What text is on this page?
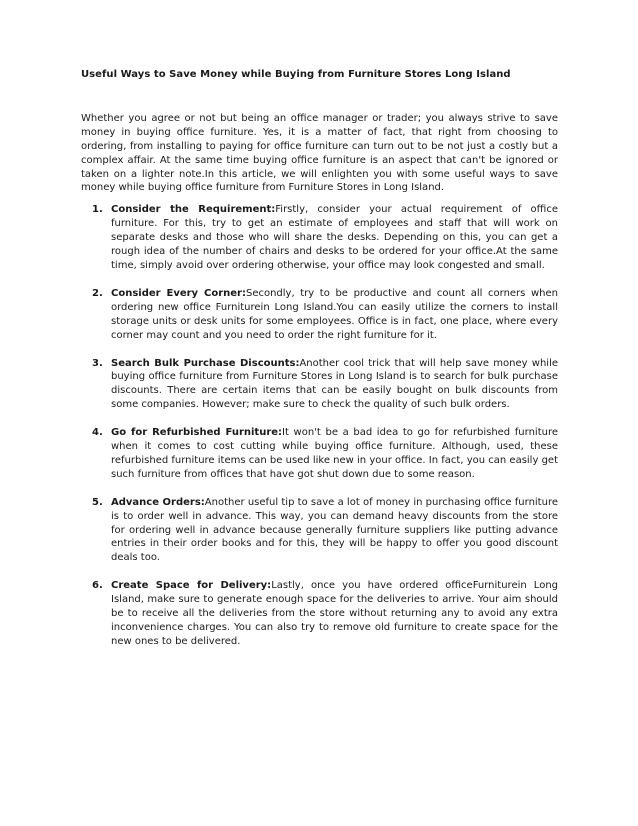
Useful Ways to Save Money while Buying from Furniture Stores Long Island

Whether you agree or not but being an office manager or trader; you always strive to save money in buying office furniture. Yes, it is a matter of fact, that right from choosing to ordering, from installing to paying for office furniture can turn out to be not just a costly but a complex affair. At the same time buying office furniture is an aspect that can't be ignored or taken on a lighter note.In this article, we will enlighten you with some useful ways to save money while buying office furniture from Furniture Stores in Long Island.

1. Consider the Requirement:Firstly, consider your actual requirement of office furniture. For this, try to get an estimate of employees and staff that will work on separate desks and those who will share the desks. Depending on this, you can get a rough idea of the number of chairs and desks to be ordered for your office.At the same time, simply avoid over ordering otherwise, your office may look congested and small.
2. Consider Every Corner:Secondly, try to be productive and count all corners when ordering new office Furniturein Long Island.You can easily utilize the corners to install storage units or desk units for some employees. Office is in fact, one place, where every corner may count and you need to order the right furniture for it.
3. Search Bulk Purchase Discounts:Another cool trick that will help save money while buying office furniture from Furniture Stores in Long Island is to search for bulk purchase discounts. There are certain items that can be easily bought on bulk discounts from some companies. However; make sure to check the quality of such bulk orders.
4. Go for Refurbished Furniture:It won't be a bad idea to go for refurbished furniture when it comes to cost cutting while buying office furniture. Although, used, these refurbished furniture items can be used like new in your office. In fact, you can easily get such furniture from offices that have got shut down due to some reason.
5. Advance Orders:Another useful tip to save a lot of money in purchasing office furniture is to order well in advance. This way, you can demand heavy discounts from the store for ordering well in advance because generally furniture suppliers like putting advance entries in their order books and for this, they will be happy to offer you good discount deals too.
6. Create Space for Delivery:Lastly, once you have ordered officeFurniturein Long Island, make sure to generate enough space for the deliveries to arrive. Your aim should be to receive all the deliveries from the store without returning any to avoid any extra inconvenience charges. You can also try to remove old furniture to create space for the new ones to be delivered.
